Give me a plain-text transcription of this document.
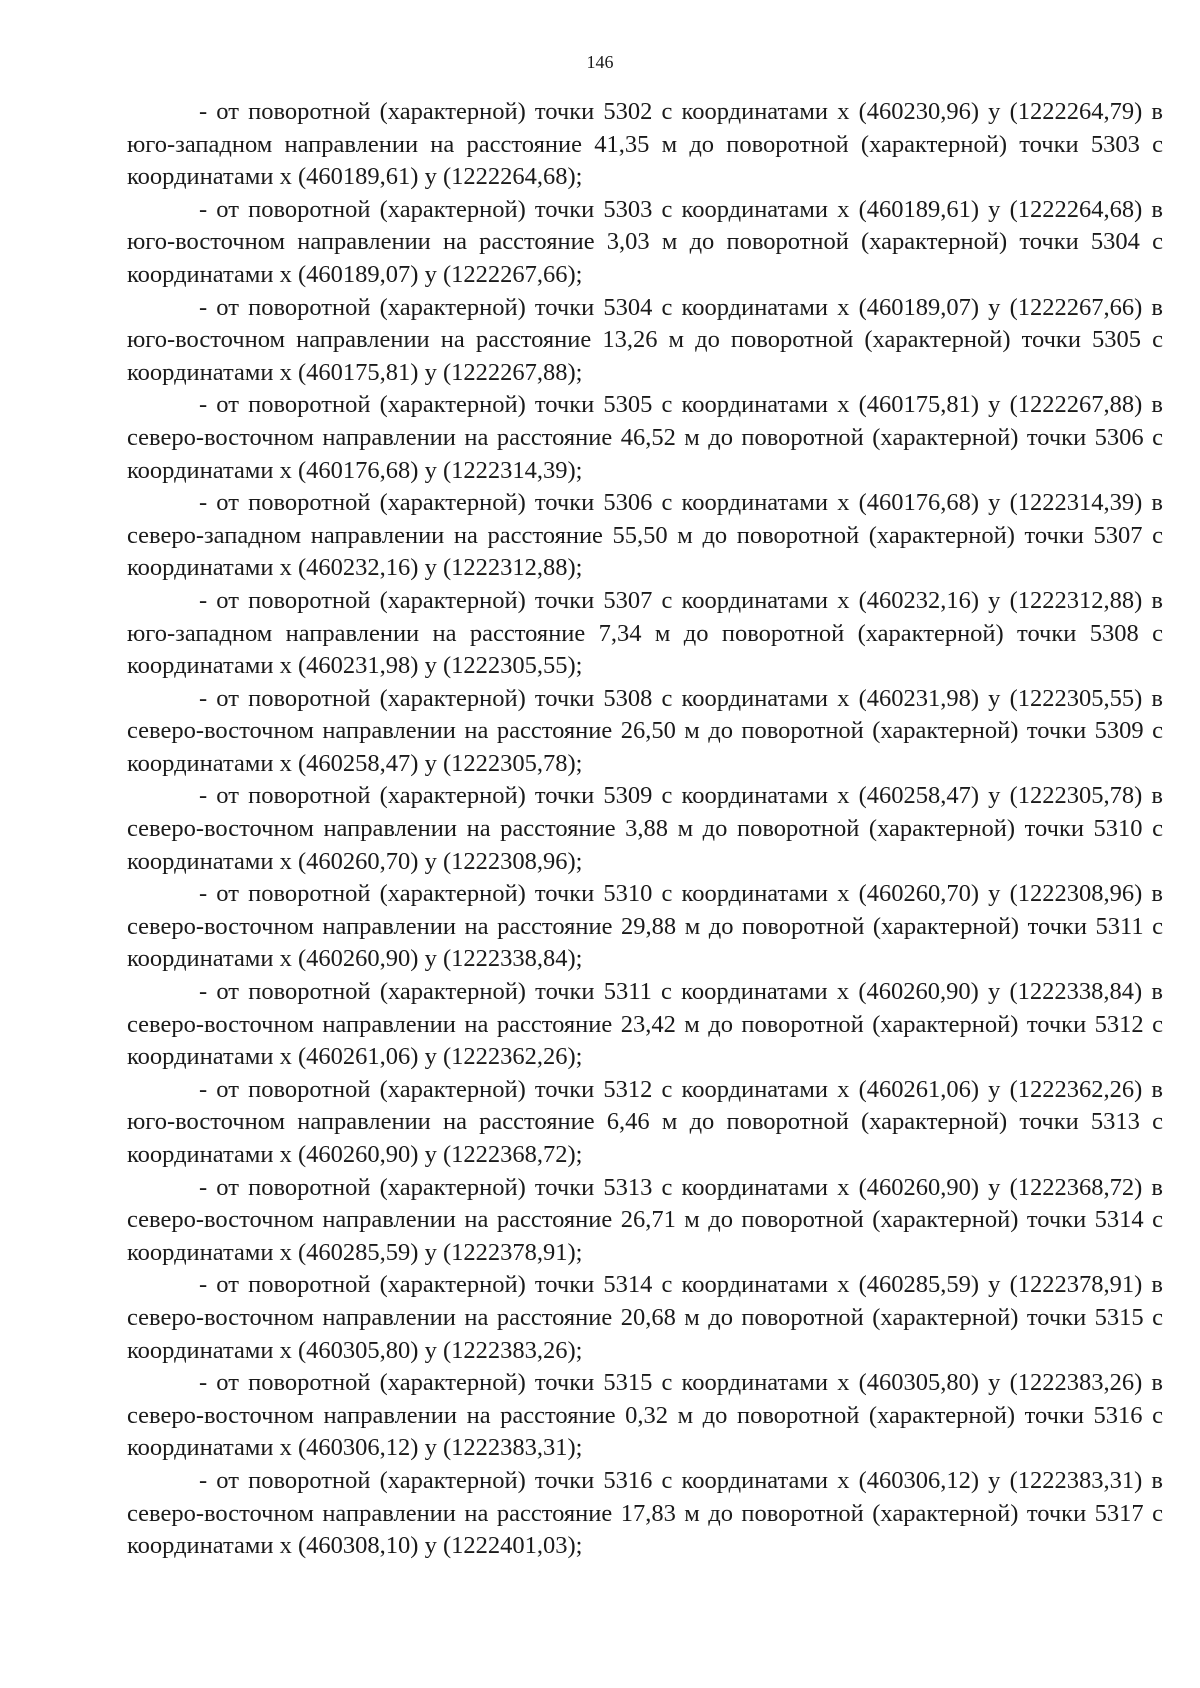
146

- от поворотной (характерной) точки 5302 с координатами х (460230,96) у (1222264,79) в юго-западном направлении на расстояние 41,35 м до поворотной (характерной) точки 5303 с координатами х (460189,61) у (1222264,68);

- от поворотной (характерной) точки 5303 с координатами х (460189,61) у (1222264,68) в юго-восточном направлении на расстояние 3,03 м до поворотной (характерной) точки 5304 с координатами х (460189,07) у (1222267,66);

- от поворотной (характерной) точки 5304 с координатами х (460189,07) у (1222267,66) в юго-восточном направлении на расстояние 13,26 м до поворотной (характерной) точки 5305 с координатами х (460175,81) у (1222267,88);

- от поворотной (характерной) точки 5305 с координатами х (460175,81) у (1222267,88) в северо-восточном направлении на расстояние 46,52 м до поворотной (характерной) точки 5306 с координатами х (460176,68) у (1222314,39);

- от поворотной (характерной) точки 5306 с координатами х (460176,68) у (1222314,39) в северо-западном направлении на расстояние 55,50 м до поворотной (характерной) точки 5307 с координатами х (460232,16) у (1222312,88);

- от поворотной (характерной) точки 5307 с координатами х (460232,16) у (1222312,88) в юго-западном направлении на расстояние 7,34 м до поворотной (характерной) точки 5308 с координатами х (460231,98) у (1222305,55);

- от поворотной (характерной) точки 5308 с координатами х (460231,98) у (1222305,55) в северо-восточном направлении на расстояние 26,50 м до поворотной (характерной) точки 5309 с координатами х (460258,47) у (1222305,78);

- от поворотной (характерной) точки 5309 с координатами х (460258,47) у (1222305,78) в северо-восточном направлении на расстояние 3,88 м до поворотной (характерной) точки 5310 с координатами х (460260,70) у (1222308,96);

- от поворотной (характерной) точки 5310 с координатами х (460260,70) у (1222308,96) в северо-восточном направлении на расстояние 29,88 м до поворотной (характерной) точки 5311 с координатами х (460260,90) у (1222338,84);

- от поворотной (характерной) точки 5311 с координатами х (460260,90) у (1222338,84) в северо-восточном направлении на расстояние 23,42 м до поворотной (характерной) точки 5312 с координатами х (460261,06) у (1222362,26);

- от поворотной (характерной) точки 5312 с координатами х (460261,06) у (1222362,26) в юго-восточном направлении на расстояние 6,46 м до поворотной (характерной) точки 5313 с координатами х (460260,90) у (1222368,72);

- от поворотной (характерной) точки 5313 с координатами х (460260,90) у (1222368,72) в северо-восточном направлении на расстояние 26,71 м до поворотной (характерной) точки 5314 с координатами х (460285,59) у (1222378,91);

- от поворотной (характерной) точки 5314 с координатами х (460285,59) у (1222378,91) в северо-восточном направлении на расстояние 20,68 м до поворотной (характерной) точки 5315 с координатами х (460305,80) у (1222383,26);

- от поворотной (характерной) точки 5315 с координатами х (460305,80) у (1222383,26) в северо-восточном направлении на расстояние 0,32 м до поворотной (характерной) точки 5316 с координатами х (460306,12) у (1222383,31);

- от поворотной (характерной) точки 5316 с координатами х (460306,12) у (1222383,31) в северо-восточном направлении на расстояние 17,83 м до поворотной (характерной) точки 5317 с координатами х (460308,10) у (1222401,03);
